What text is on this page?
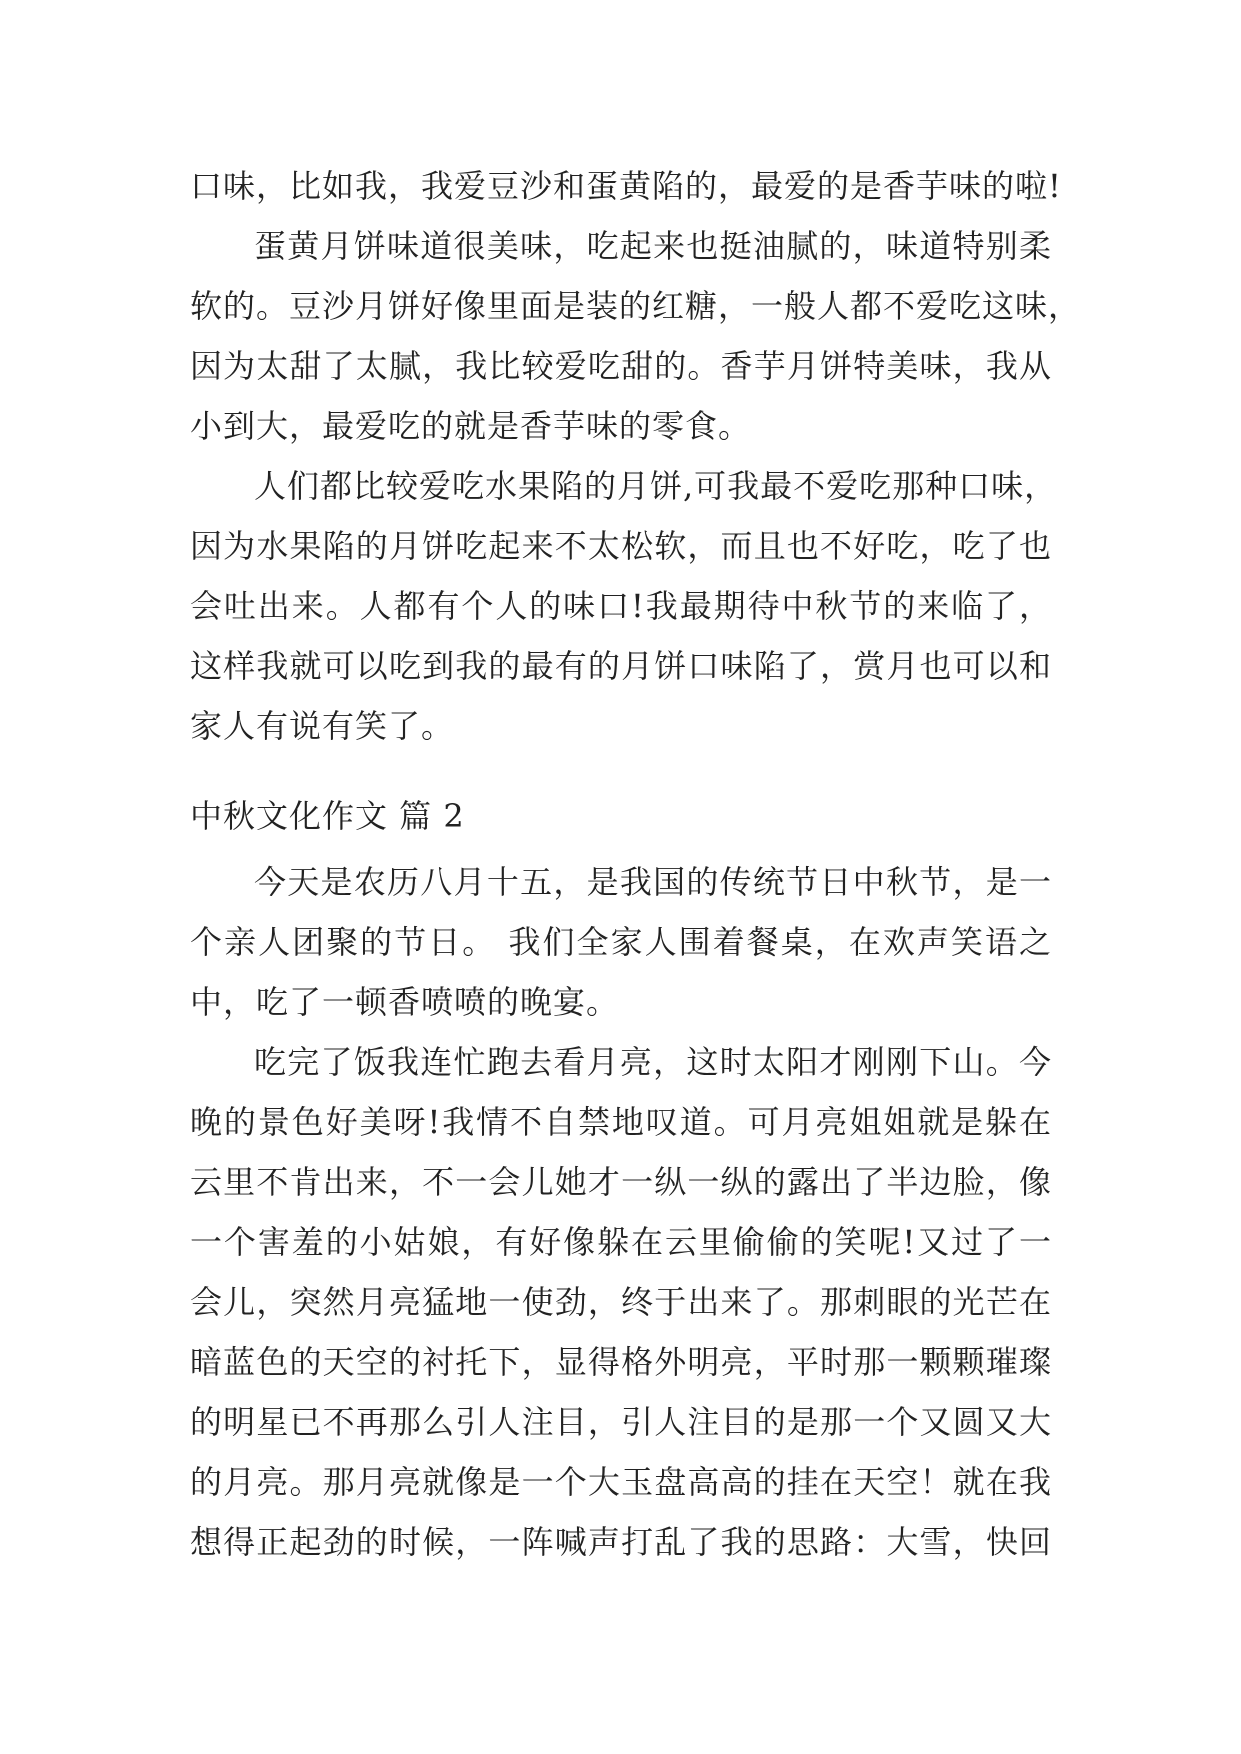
口味，比如我，我爱豆沙和蛋黄陷的，最爱的是香芋味的啦!
蛋黄月饼味道很美味，吃起来也挺油腻的，味道特别柔
软的。豆沙月饼好像里面是装的红糖，一般人都不爱吃这味，
因为太甜了太腻，我比较爱吃甜的。香芋月饼特美味，我从
小到大，最爱吃的就是香芋味的零食。
人们都比较爱吃水果陷的月饼,可我最不爱吃那种口味，
因为水果陷的月饼吃起来不太松软，而且也不好吃，吃了也
会吐出来。人都有个人的味口!我最期待中秋节的来临了，
这样我就可以吃到我的最有的月饼口味陷了，赏月也可以和
家人有说有笑了。
中秋文化作文 篇 2
今天是农历八月十五，是我国的传统节日中秋节，是一
个亲人团聚的节日。 我们全家人围着餐桌，在欢声笑语之
中，吃了一顿香喷喷的晚宴。
吃完了饭我连忙跑去看月亮，这时太阳才刚刚下山。今
晚的景色好美呀!我情不自禁地叹道。可月亮姐姐就是躲在
云里不肯出来，不一会儿她才一纵一纵的露出了半边脸，像
一个害羞的小姑娘，有好像躲在云里偷偷的笑呢!又过了一
会儿，突然月亮猛地一使劲，终于出来了。那刺眼的光芒在
暗蓝色的天空的衬托下，显得格外明亮，平时那一颗颗璀璨
的明星已不再那么引人注目，引人注目的是那一个又圆又大
的月亮。那月亮就像是一个大玉盘高高的挂在天空！就在我
想得正起劲的时候，一阵喊声打乱了我的思路：大雪，快回
